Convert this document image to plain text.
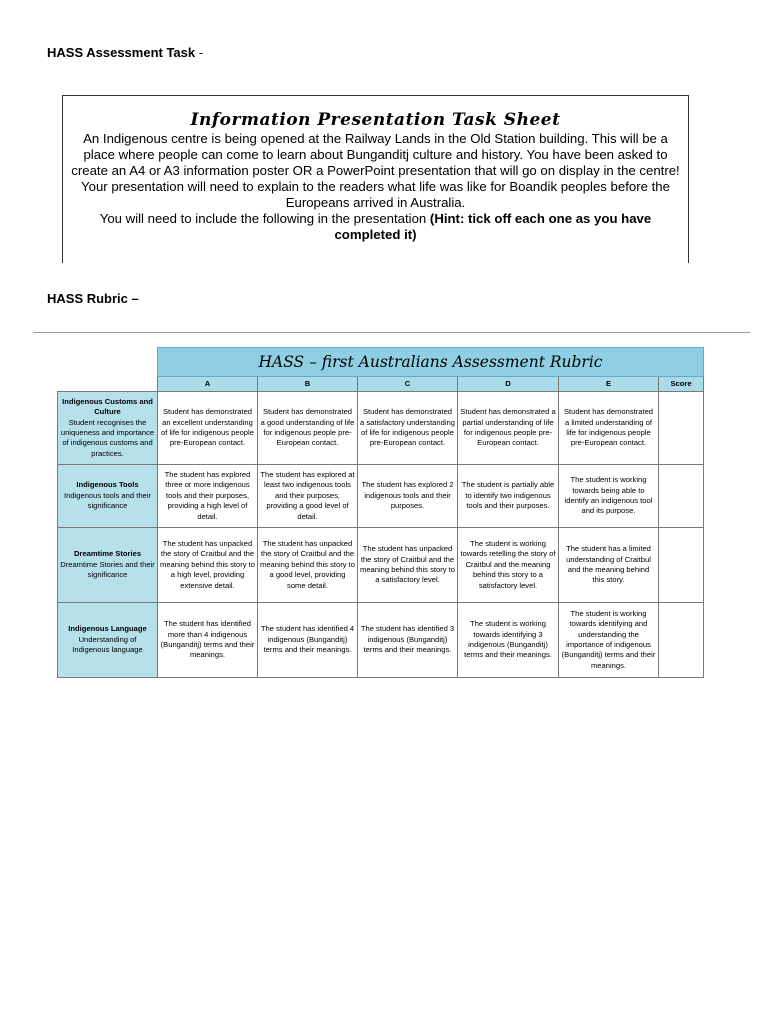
HASS Assessment Task -
Information Presentation Task Sheet

An Indigenous centre is being opened at the Railway Lands in the Old Station building. This will be a place where people can come to learn about Bunganditj culture and history. You have been asked to create an A4 or A3 information poster OR a PowerPoint presentation that will go on display in the centre!

Your presentation will need to explain to the readers what life was like for Boandik peoples before the Europeans arrived in Australia.

You will need to include the following in the presentation (Hint: tick off each one as you have completed it)

HASS Rubric –
	HASS – first Australians Assessment Rubric					
	A	B	C	D	E	Score

Indigenous Customs and Culture
Student recognises the uniqueness and importance of indigenous customs and practices.	Student has demonstrated an excellent understanding of life for indigenous people pre-European contact.	Student has demonstrated a good understanding of life for indigenous people pre-European contact.	Student has demonstrated a satisfactory understanding of life for indigenous people pre-European contact.	Student has demonstrated a partial understanding of life for indigenous people pre-European contact.	Student has demonstrated a limited understanding of life for indigenous people pre-European contact.	

Indigenous Tools
Indigenous tools and their significance	The student has explored three or more indigenous tools and their purposes, providing a high level of detail.	The student has explored at least two indigenous tools and their purposes, providing a good level of detail.	The student has explored 2 indigenous tools and their purposes.	The student is partially able to identify two indigenous tools and their purposes.	The student is working towards being able to identify an indigenous tool and its purpose.	

Dreamtime Stories
Dreamtime Stories and their significance	The student has unpacked the story of Craitbul and the meaning behind this story to a high level, providing extensive detail.	The student has unpacked the story of Craitbul and the meaning behind this story to a good level, providing some detail.	The student has unpacked the story of Craitbul and the meaning behind this story to a satisfactory level.	The student is working towards retelling the story of Craitbul and the meaning behind this story to a satisfactory level.	The student has a limited understanding of Craitbul and the meaning behind this story.	

Indigenous Language
Understanding of Indigenous language	The student has identified more than 4 indigenous (Bunganditj) terms and their meanings.	The student has identified 4 indigenous (Bunganditj) terms and their meanings.	The student has identified 3 indigenous (Bunganditj) terms and their meanings.	The student is working towards identifying 3 indigenous (Bunganditj) terms and their meanings.	The student is working towards identifying and understanding the importance of indigenous (Bunganditj) terms and their meanings.	
